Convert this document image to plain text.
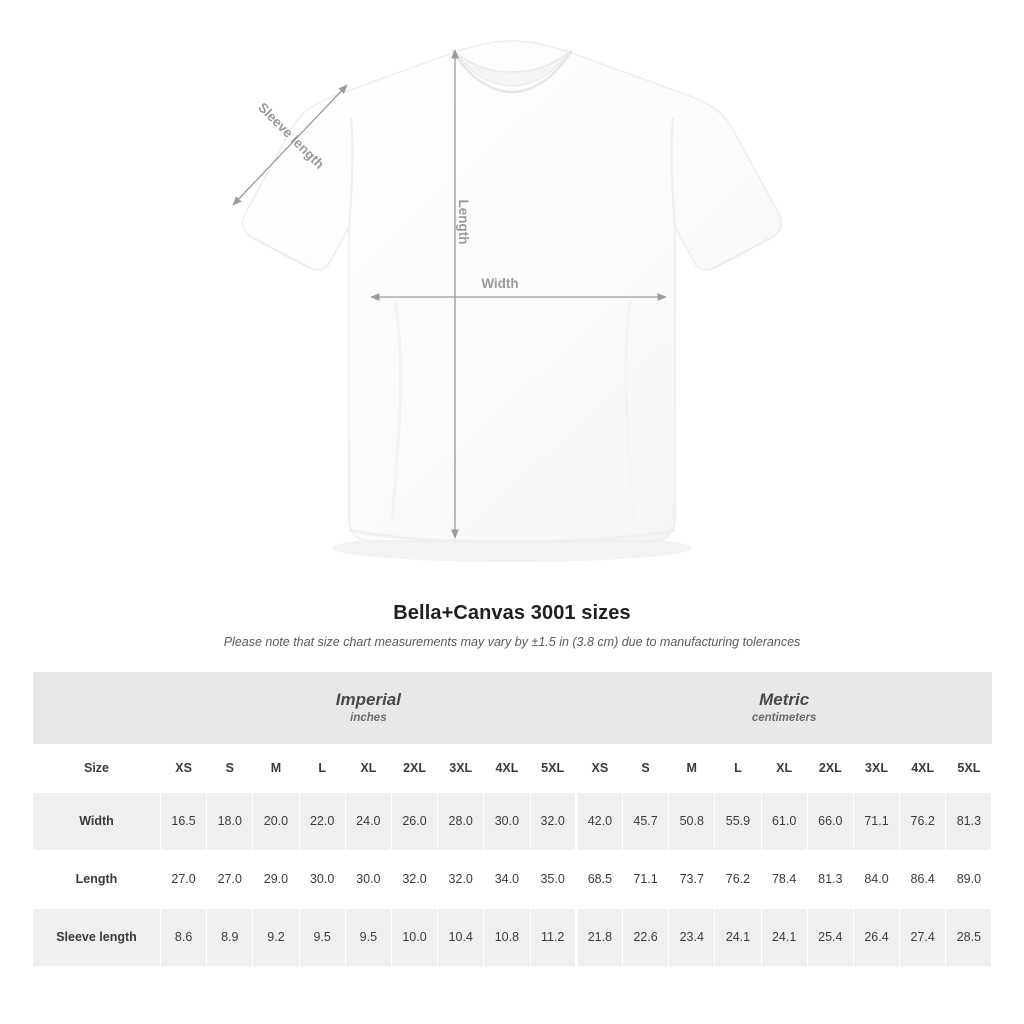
Length
Width
Sleeve length
Bella+Canvas 3001 sizes

Please note that size chart measurements may vary by ±1.5 in (3.8 cm) due to manufacturing tolerances

	Imperial
inches									Metric
centimeters								

Size	XS	S	M	L	XL	2XL	3XL	4XL	5XL	XS	S	M	L	XL	2XL	3XL	4XL	5XL
Width	16.5	18.0	20.0	22.0	24.0	26.0	28.0	30.0	32.0	42.0	45.7	50.8	55.9	61.0	66.0	71.1	76.2	81.3
Length	27.0	27.0	29.0	30.0	30.0	32.0	32.0	34.0	35.0	68.5	71.1	73.7	76.2	78.4	81.3	84.0	86.4	89.0
Sleeve length	8.6	8.9	9.2	9.5	9.5	10.0	10.4	10.8	11.2	21.8	22.6	23.4	24.1	24.1	25.4	26.4	27.4	28.5
